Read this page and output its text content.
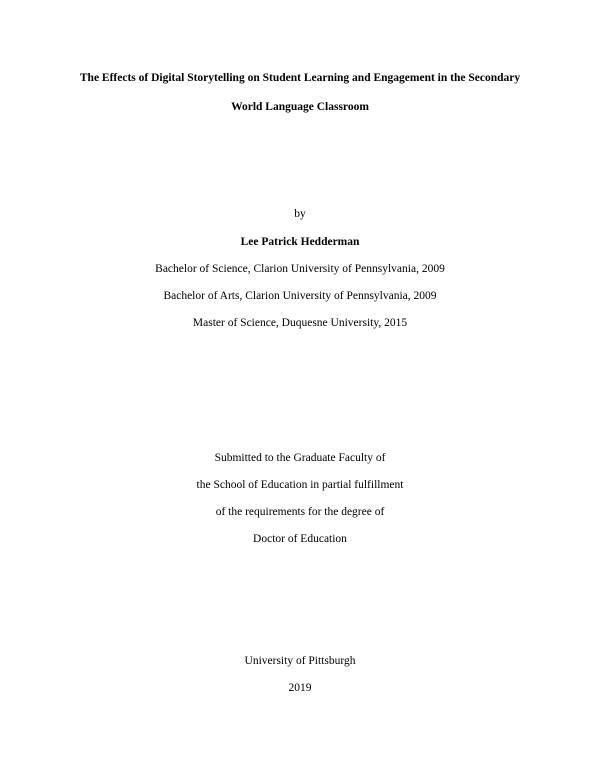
The Effects of Digital Storytelling on Student Learning and Engagement in the Secondary
World Language Classroom
by
Lee Patrick Hedderman
Bachelor of Science, Clarion University of Pennsylvania, 2009
Bachelor of Arts, Clarion University of Pennsylvania, 2009
Master of Science, Duquesne University, 2015
Submitted to the Graduate Faculty of
the School of Education in partial fulfillment
of the requirements for the degree of
Doctor of Education
University of Pittsburgh
2019
